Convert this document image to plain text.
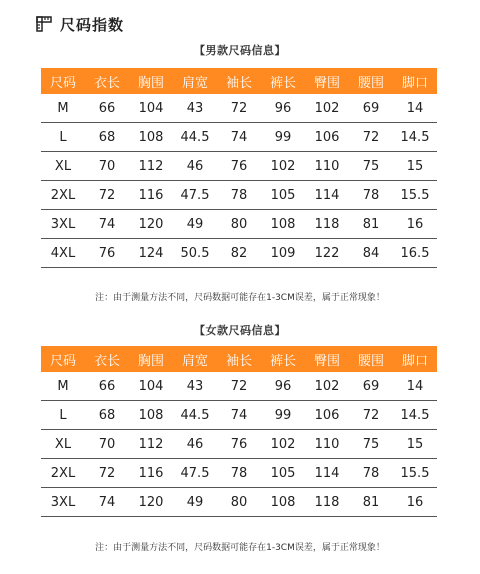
尺码指数
【男款尺码信息】
尺码	衣长	胸围	肩宽	袖长	裤长	臀围	腰围	脚口
M	66	104	43	72	96	102	69	14
L	68	108	44.5	74	99	106	72	14.5
XL	70	112	46	76	102	110	75	15
2XL	72	116	47.5	78	105	114	78	15.5
3XL	74	120	49	80	108	118	81	16
4XL	76	124	50.5	82	109	122	84	16.5
注：由于测量方法不同，尺码数据可能存在1-3CM误差，属于正常现象！
【女款尺码信息】
尺码	衣长	胸围	肩宽	袖长	裤长	臀围	腰围	脚口
M	66	104	43	72	96	102	69	14
L	68	108	44.5	74	99	106	72	14.5
XL	70	112	46	76	102	110	75	15
2XL	72	116	47.5	78	105	114	78	15.5
3XL	74	120	49	80	108	118	81	16
注：由于测量方法不同，尺码数据可能存在1-3CM误差，属于正常现象！
